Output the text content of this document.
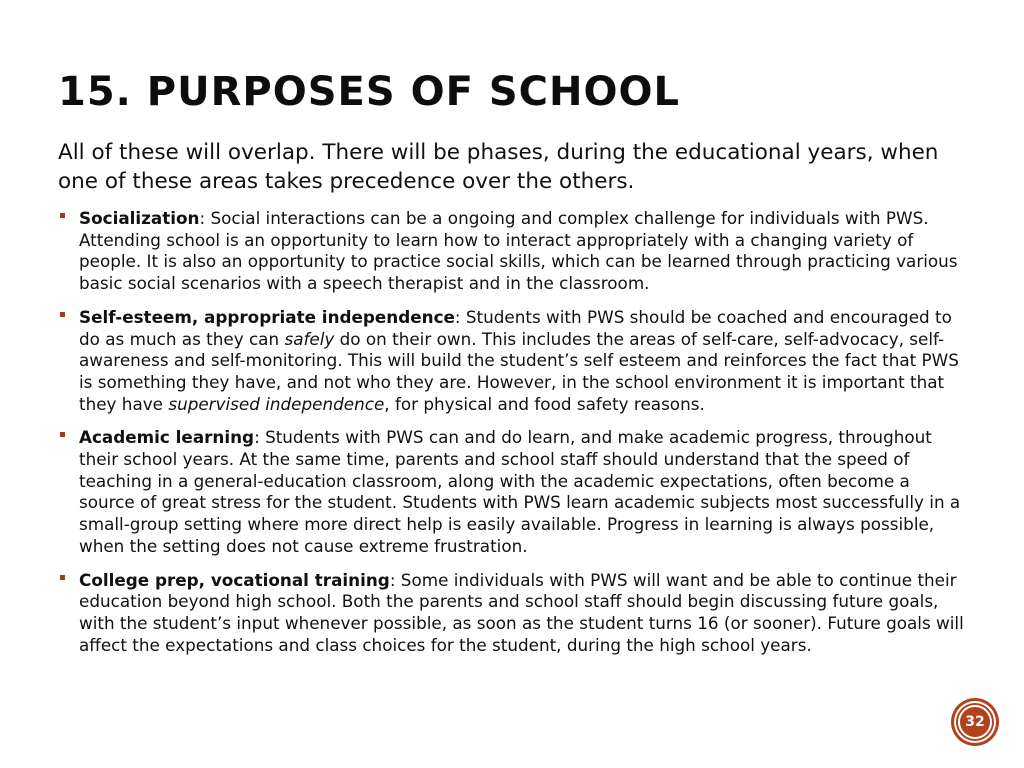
15. PURPOSES OF SCHOOL

All of these will overlap. There will be phases, during the educational years, when one of these areas takes precedence over the others.

Socialization: Social interactions can be a ongoing and complex challenge for individuals with PWS. Attending school is an opportunity to learn how to interact appropriately with a changing variety of people. It is also an opportunity to practice social skills, which can be learned through practicing various basic social scenarios with a speech therapist and in the classroom.
Self-esteem, appropriate independence: Students with PWS should be coached and encouraged to do as much as they can safely do on their own. This includes the areas of self-care, self-advocacy, self-awareness and self-monitoring. This will build the student’s self esteem and reinforces the fact that PWS is something they have, and not who they are. However, in the school environment it is important that they have supervised independence, for physical and food safety reasons.
Academic learning: Students with PWS can and do learn, and make academic progress, throughout their school years. At the same time, parents and school staff should understand that the speed of teaching in a general-education classroom, along with the academic expectations, often become a source of great stress for the student. Students with PWS learn academic subjects most successfully in a small-group setting where more direct help is easily available. Progress in learning is always possible, when the setting does not cause extreme frustration.
College prep, vocational training: Some individuals with PWS will want and be able to continue their education beyond high school. Both the parents and school staff should begin discussing future goals, with the student’s input whenever possible, as soon as the student turns 16 (or sooner). Future goals will affect the expectations and class choices for the student, during the high school years.
32
